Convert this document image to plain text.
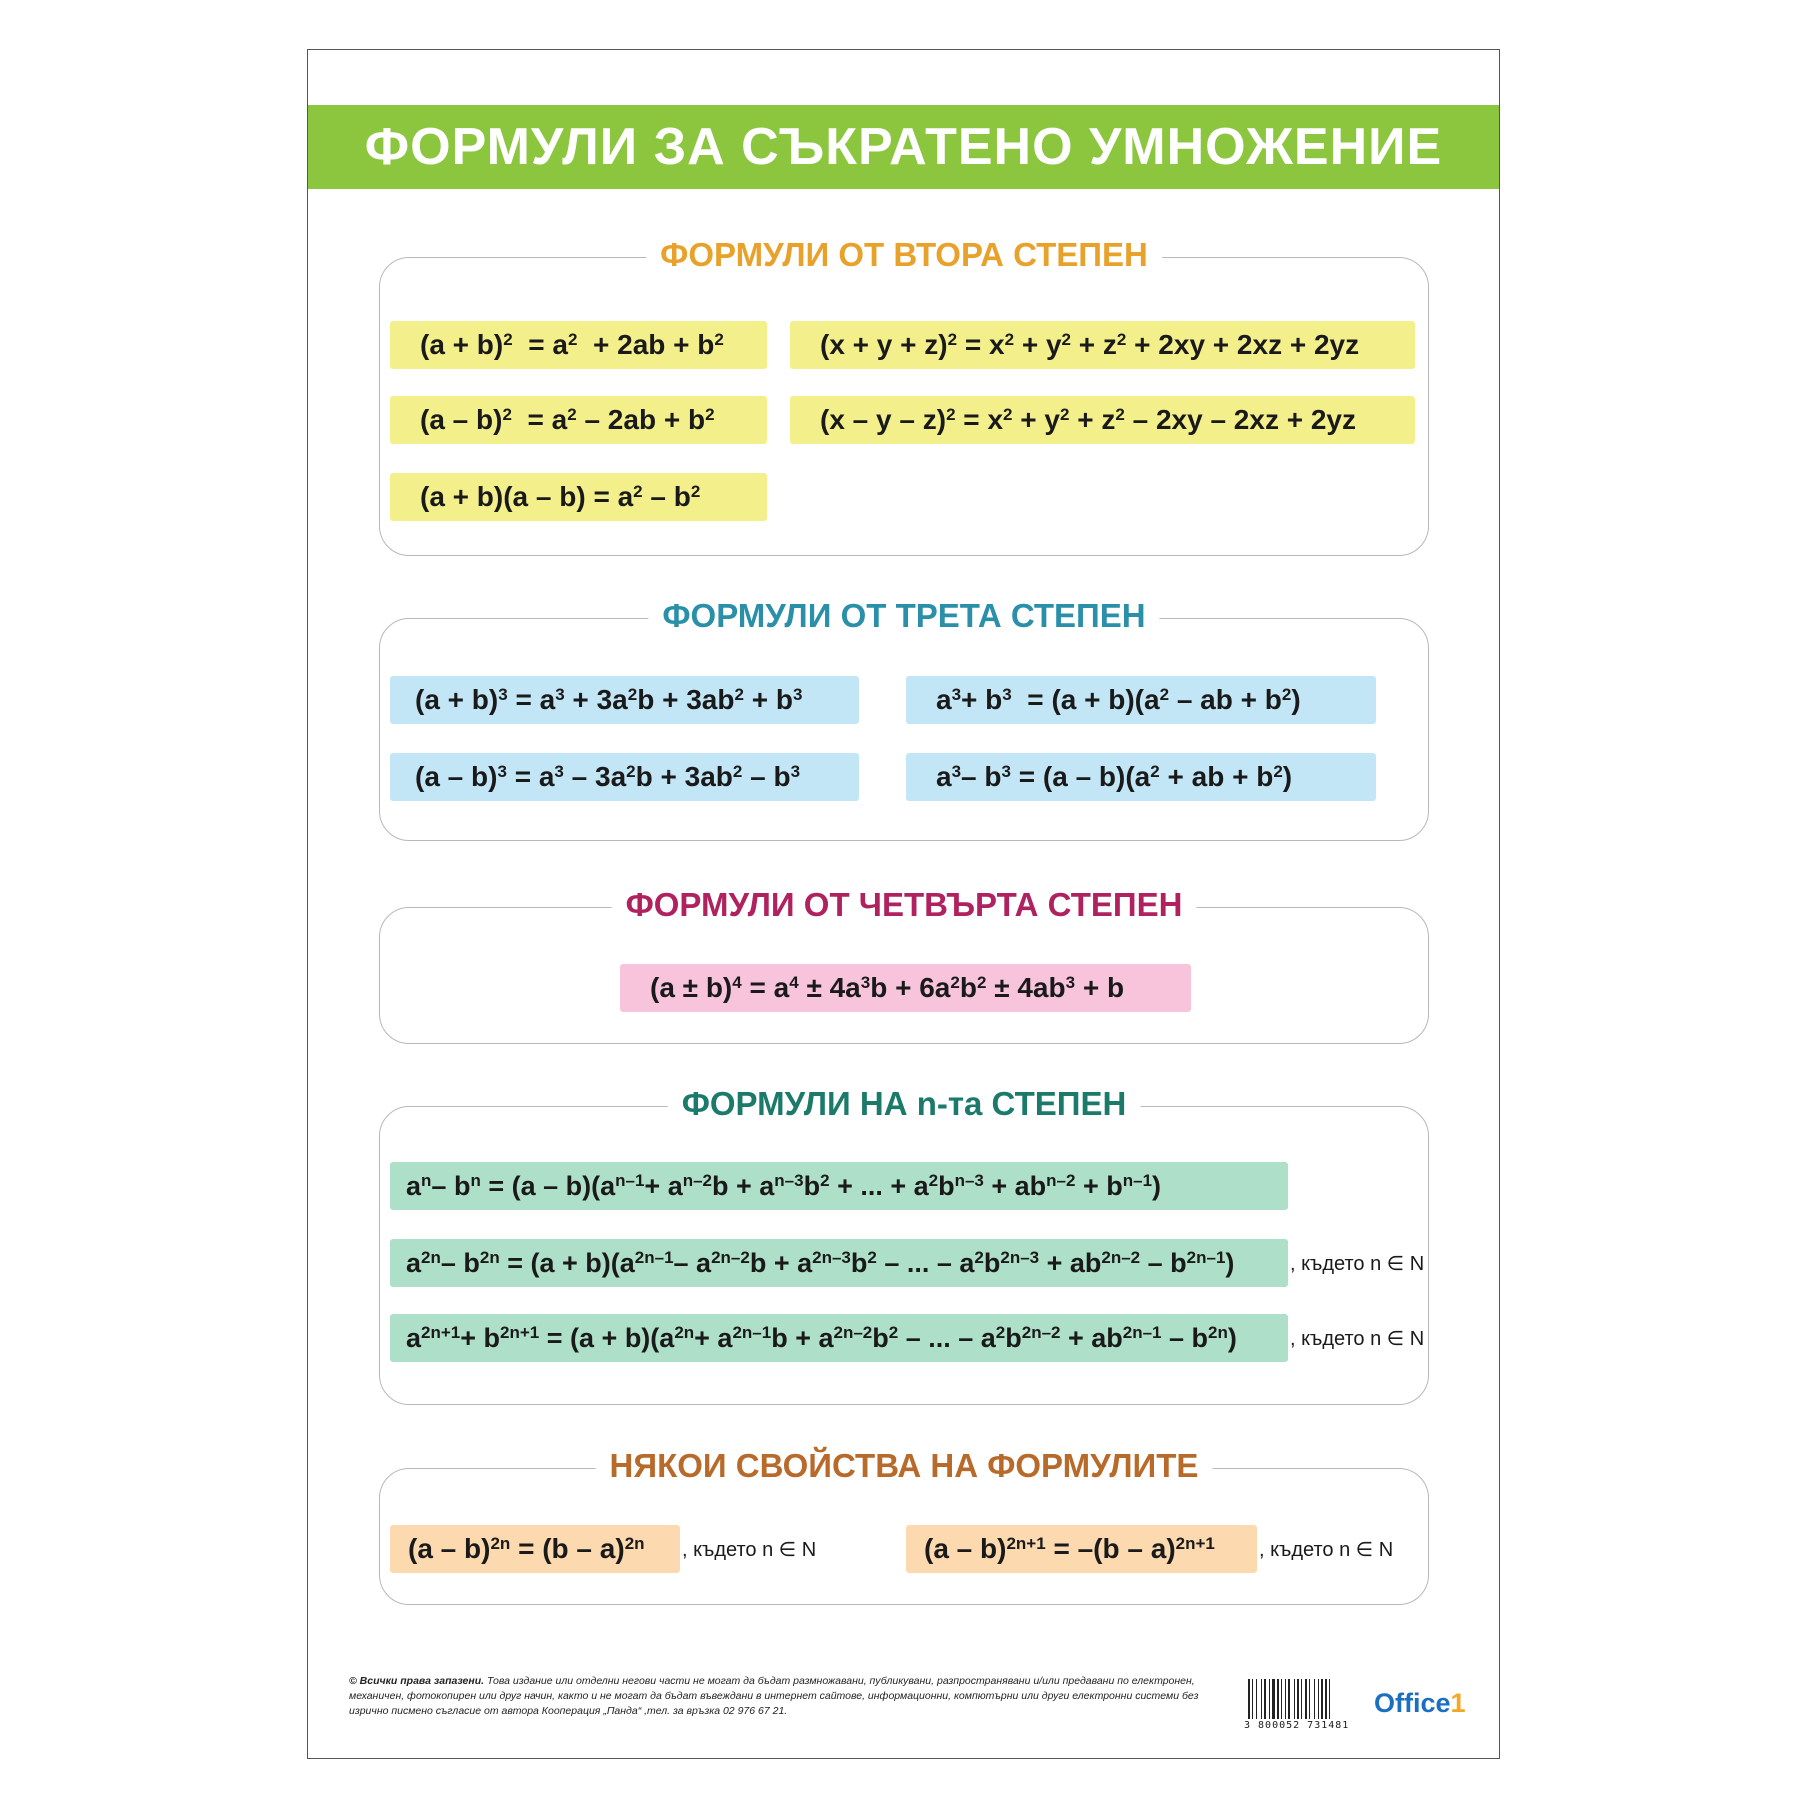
ФОРМУЛИ ЗА СЪКРАТЕНО УМНОЖЕНИЕ
ФОРМУЛИ ОТ ВТОРА СТЕПЕН
$(a + b)^2 = a^2 + 2ab + b^2$
$(a - b)^2 = a^2 - 2ab + b^2$
$(a + b)(a - b) = a^2 - b^2$
$(x + y + z)^2 = x^2 + y^2 + z^2 + 2xy + 2xz + 2yz$
$(x - y - z)^2 = x^2 + y^2 + z^2 - 2xy - 2xz + 2yz$
ФОРМУЛИ ОТ ТРЕТА СТЕПЕН
$(a + b)^3 = a^3 + 3a^2$ $b + 3ab^2 + b^3$
$(a - b)^3 = a^3 - 3a^2$ $b + 3ab^2 - b^3$
$a^3 + b^3 = (a + b)(a^2$ – ab + $b^2$ )
$a^3 - b^3 = (a - b)(a^2$ + ab + $b^2$ )
ФОРМУЛИ ОТ ЧЕТВЪРТА СТЕПЕН
$(a \pm b)^4 = a^4 \pm 4a^3$ $b + 6a^2$ $b^2 \pm 4ab^3 + b$
ФОРМУЛИ НА n-та СТЕПЕН
$a^n - b^n = (a - b)(a^{n-1} + a^{n-2}$ $b + a^{n-3}$ $b^2$ + ... + $a^2$ $b^{n-3} + ab^{n-2} + b^{n-1}$ )
$a^{2n} - b^{2n} = (a + b)(a^{2n-1} - a^{2n-2}$ $b + a^{2n-3}$ $b^2$ – ... – $a^2$ $b^{2n-3} + ab^{2n-2} - b^{2n-1}$ )
$a^{2n+1} + b^{2n+1} = (a + b)(a^{2n} + a^{2n-1}$ $b + a^{2n-2}$ $b^2$ – ... – $a^2$ $b^{2n-2} + ab^{2n-1} - b^{2n}$ )
, където n ∈ N
, където n ∈ N
НЯКОИ СВОЙСТВА НА ФОРМУЛИТЕ
(a – b)$^{2n}$ = (b – a)$^{2n}$ , където n ∈ N	(a – b)$^{2n+1}$ = –(b – a)$^{2n+1}$ , където n ∈ N
© Всички права запазени. Това издание или отделни негови части не могат да бъдат размножавани, публикувани, разпространявани и/или предавани по електронен, механичен, фотокопирен или друг начин, както и не могат да бъдат въвеждани в интернет сайтове, информационни, компютърни или други електронни системи без изрично писмено съгласие от автора Кооперация „Панда“ ,тел. за връзка 02 976 67 21.
3 800052 731481
Office1
